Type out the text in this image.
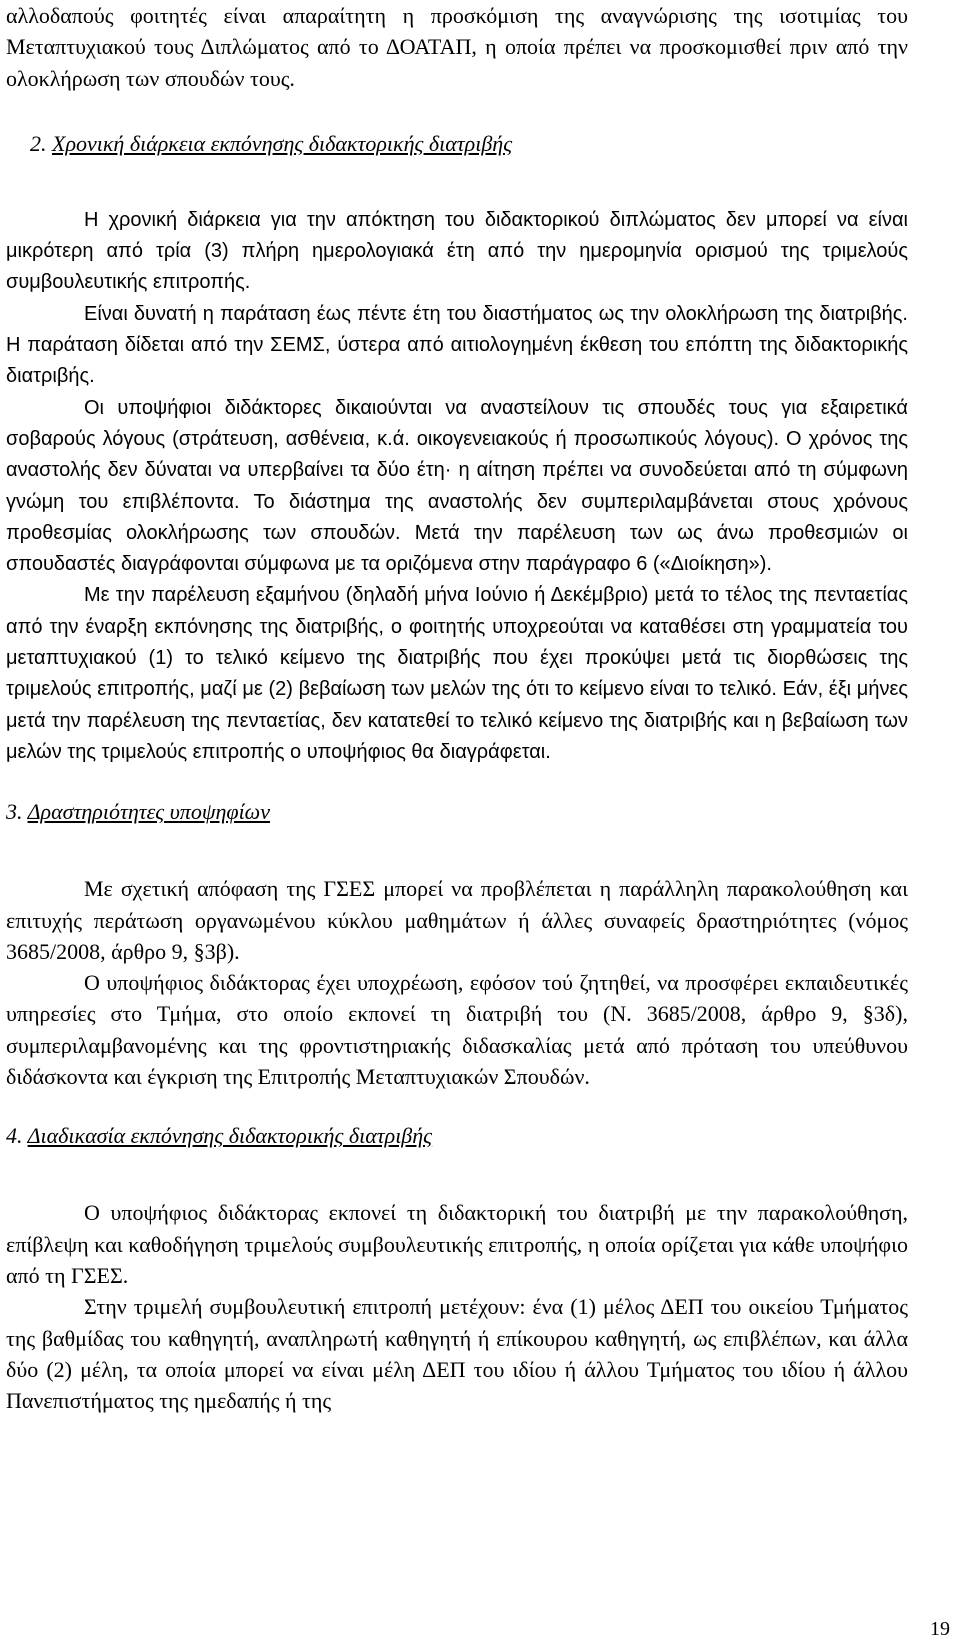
αλλοδαπούς φοιτητές είναι απαραίτητη η προσκόμιση της αναγνώρισης της ισοτιμίας του Μεταπτυχιακού τους Διπλώματος από το ΔΟΑΤΑΠ, η οποία πρέπει να προσκομισθεί πριν από την ολοκλήρωση των σπουδών τους.

2. Χρονική διάρκεια εκπόνησης διδακτορικής διατριβής

Η χρονική διάρκεια για την απόκτηση του διδακτορικού διπλώματος δεν μπορεί να είναι μικρότερη από τρία (3) πλήρη ημερολογιακά έτη από την ημερομηνία ορισμού της τριμελούς συμβουλευτικής επιτροπής.

Είναι δυνατή η παράταση έως πέντε έτη του διαστήματος ως την ολοκλήρωση της διατριβής. Η παράταση δίδεται από την ΣΕΜΣ, ύστερα από αιτιολογημένη έκθεση του επόπτη της διδακτορικής διατριβής.

Οι υποψήφιοι διδάκτορες δικαιούνται να αναστείλουν τις σπουδές τους για εξαιρετικά σοβαρούς λόγους (στράτευση, ασθένεια, κ.ά. οικογενειακούς ή προσωπικούς λόγους). Ο χρόνος της αναστολής δεν δύναται να υπερβαίνει τα δύο έτη· η αίτηση πρέπει να συνοδεύεται από τη σύμφωνη γνώμη του επιβλέποντα. Το διάστημα της αναστολής δεν συμπεριλαμβάνεται στους χρόνους προθεσμίας ολοκλήρωσης των σπουδών. Μετά την παρέλευση των ως άνω προθεσμιών οι σπουδαστές διαγράφονται σύμφωνα με τα οριζόμενα στην παράγραφο 6 («Διοίκηση»).

Με την παρέλευση εξαμήνου (δηλαδή μήνα Ιούνιο ή Δεκέμβριο) μετά το τέλος της πενταετίας από την έναρξη εκπόνησης της διατριβής, ο φοιτητής υποχρεούται να καταθέσει στη γραμματεία του μεταπτυχιακού (1) το τελικό κείμενο της διατριβής που έχει προκύψει μετά τις διορθώσεις της τριμελούς επιτροπής, μαζί με (2) βεβαίωση των μελών της ότι το κείμενο είναι το τελικό. Εάν, έξι μήνες μετά την παρέλευση της πενταετίας, δεν κατατεθεί το τελικό κείμενο της διατριβής και η βεβαίωση των μελών της τριμελούς επιτροπής ο υποψήφιος θα διαγράφεται.

3. Δραστηριότητες υποψηφίων

Με σχετική απόφαση της ΓΣΕΣ μπορεί να προβλέπεται η παράλληλη παρακολούθηση και επιτυχής περάτωση οργανωμένου κύκλου μαθημάτων ή άλλες συναφείς δραστηριότητες (νόμος 3685/2008, άρθρο 9, §3β).

Ο υποψήφιος διδάκτορας έχει υποχρέωση, εφόσον τού ζητηθεί, να προσφέρει εκπαιδευτικές υπηρεσίες στο Τμήμα, στο οποίο εκπονεί τη διατριβή του (Ν. 3685/2008, άρθρο 9, §3δ), συμπεριλαμβανομένης και της φροντιστηριακής διδασκαλίας μετά από πρόταση του υπεύθυνου διδάσκοντα και έγκριση της Επιτροπής Μεταπτυχιακών Σπουδών.

4. Διαδικασία εκπόνησης διδακτορικής διατριβής

Ο υποψήφιος διδάκτορας εκπονεί τη διδακτορική του διατριβή με την παρακολούθηση, επίβλεψη και καθοδήγηση τριμελούς συμβουλευτικής επιτροπής, η οποία ορίζεται για κάθε υποψήφιο από τη ΓΣΕΣ.

Στην τριμελή συμβουλευτική επιτροπή μετέχουν: ένα (1) μέλος ΔΕΠ του οικείου Τμήματος της βαθμίδας του καθηγητή, αναπληρωτή καθηγητή ή επίκουρου καθηγητή, ως επιβλέπων, και άλλα δύο (2) μέλη, τα οποία μπορεί να είναι μέλη ΔΕΠ του ιδίου ή άλλου Τμήματος του ιδίου ή άλλου Πανεπιστήματος της ημεδαπής ή της

19
